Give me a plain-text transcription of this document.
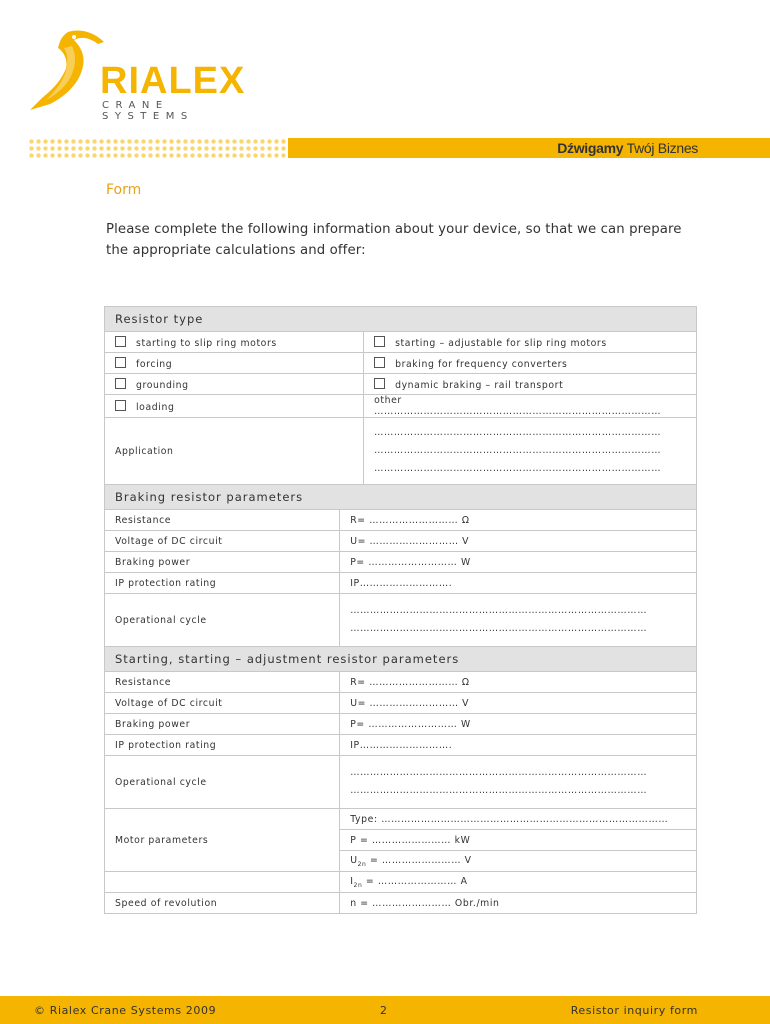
RIALEX
CRANE SYSTEMS
Dźwigamy Twój Biznes
Form
Please complete the following information about your device, so that we can prepare the appropriate calculations and offer:
Resistor type		
starting to slip ring motors		starting – adjustable for slip ring motors
forcing		braking for frequency converters
grounding		dynamic braking – rail transport
loading		other ……………………………………………………………………………
Application		……………………………………………………………………………
……………………………………………………………………………
……………………………………………………………………………

Braking resistor parameters		
Resistance	R= ……………………… Ω	
Voltage of DC circuit	U= ……………………… V	
Braking power	P= ……………………… W	
IP protection rating	IP……………………….	
Operational cycle	………………………………………………………………………………
………………………………………………………………………………	

Starting, starting – adjustment resistor parameters		
Resistance	R= ……………………… Ω	
Voltage of DC circuit	U= ……………………… V	
Braking power	P= ……………………… W	
IP protection rating	IP……………………….	
Operational cycle	………………………………………………………………………………
………………………………………………………………………………	

Motor parameters	Type: ……………………………………………………………………………	
	P = …………………… kW	
	$U_{2n}$ = …………………… V	
	$I_{2n}$ = …………………… A	
Speed of revolution	n = …………………… Obr./min	
© Rialex Crane Systems 2009	2	Resistor inquiry form
